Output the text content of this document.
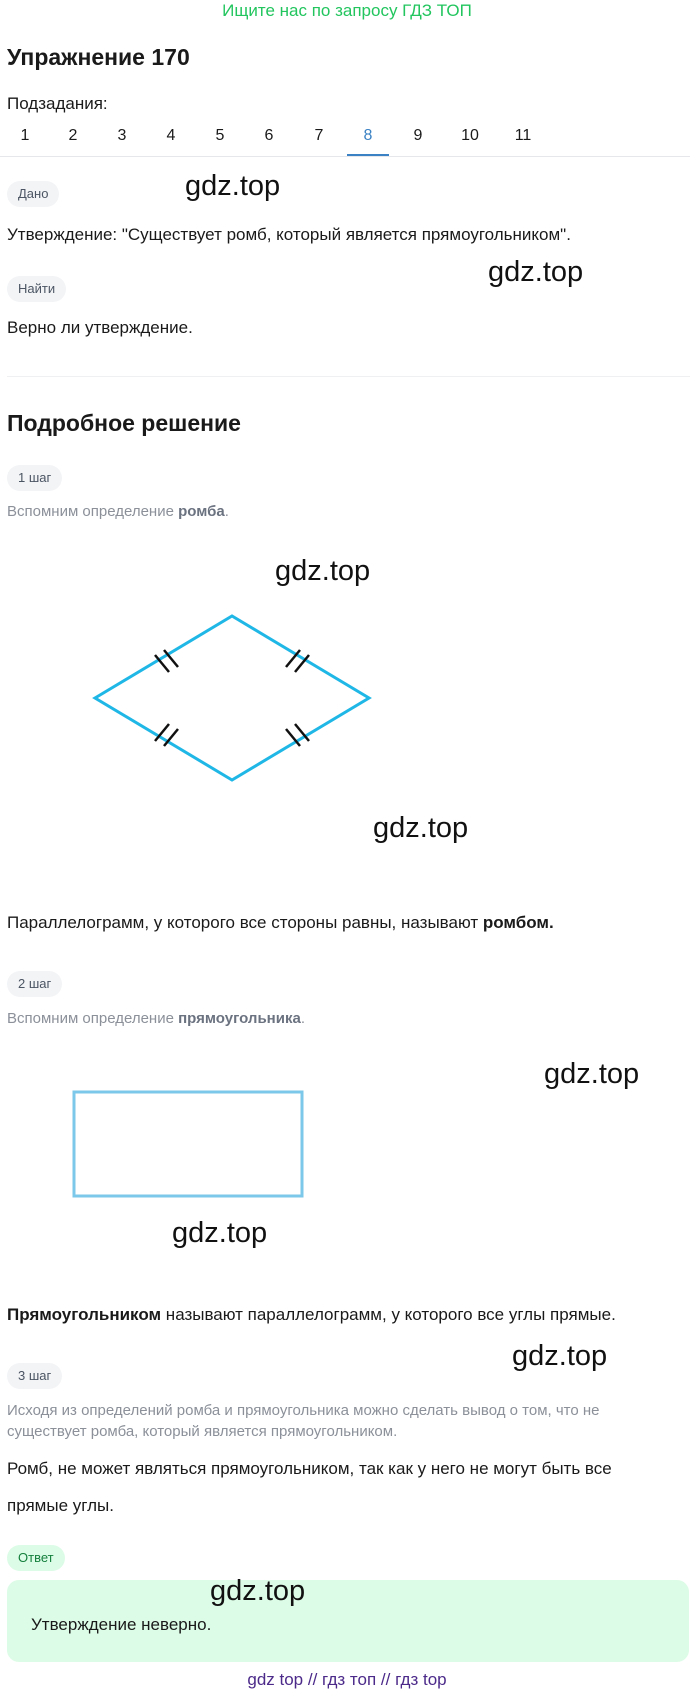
Ищите нас по запросу ГДЗ ТОП
Упражнение 170
Подзадания:
1	2	3	4	5	6	7	8	9	10	11
Дано	gdz.top
Утверждение: "Существует ромб, который является прямоугольником".
gdz.top
Найти
Верно ли утверждение.
Подробное решение
1 шаг
Вспомним определение ромба.
gdz.top
gdz.top
Параллелограмм, у которого все стороны равны, называют ромбом.
2 шаг
Вспомним определение прямоугольника.
gdz.top
gdz.top
Прямоугольником называют параллелограмм, у которого все углы прямые.
3 шаг
gdz.top
Исходя из определений ромба и прямоугольника можно сделать вывод о том, что не
существует ромба, который является прямоугольником.
Ромб, не может являться прямоугольником, так как у него не могут быть все
прямые углы.
Ответ
gdz.top
Утверждение неверно.
gdz top // гдз топ // гдз top
